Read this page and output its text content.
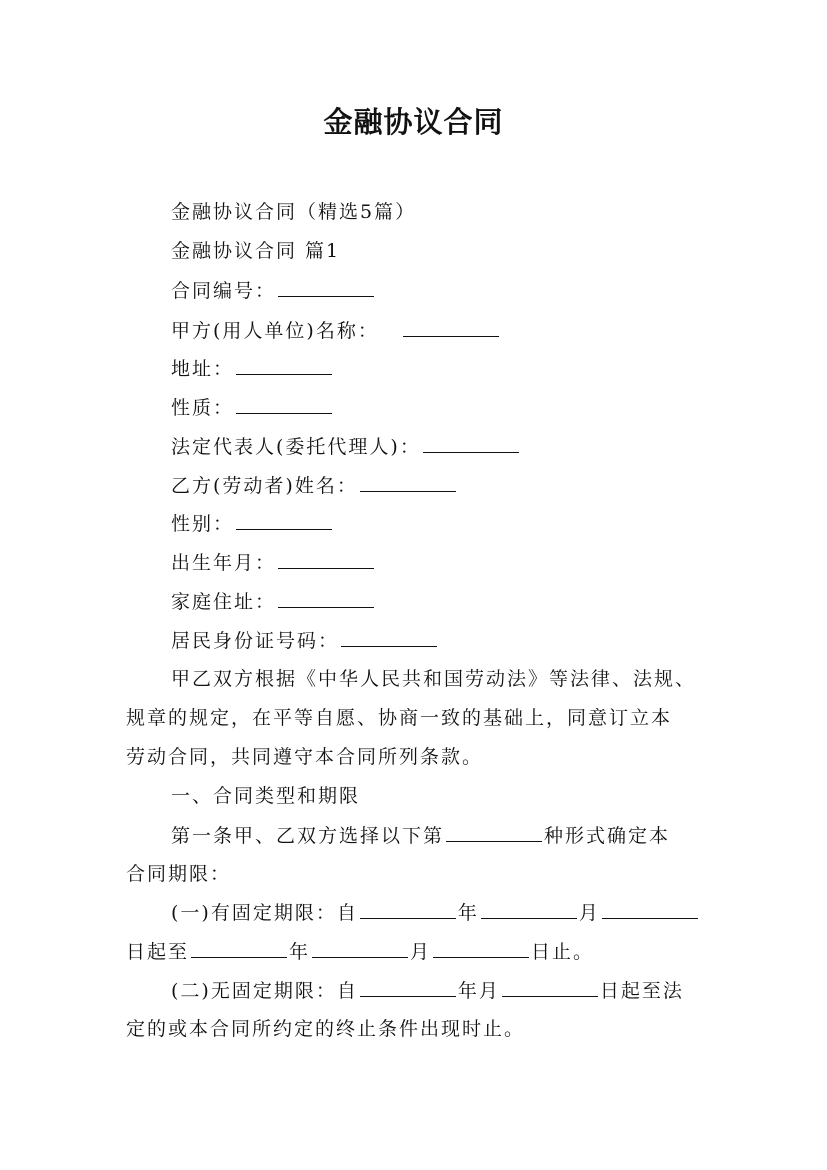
金融协议合同
金融协议合同（精选5篇）
金融协议合同 篇1
合同编号：
甲方(用人单位)名称：
地址：
性质：
法定代表人(委托代理人)：
乙方(劳动者)姓名：
性别：
出生年月：
家庭住址：
居民身份证号码：
甲乙双方根据《中华人民共和国劳动法》等法律、法规、
规章的规定，在平等自愿、协商一致的基础上，同意订立本
劳动合同，共同遵守本合同所列条款。
一、合同类型和期限
第一条甲、乙双方选择以下第	种形式确定本
合同期限：
(一)有固定期限：自	年	月
日起至	年	月	日止。
(二)无固定期限：自	年月	日起至法
定的或本合同所约定的终止条件出现时止。
